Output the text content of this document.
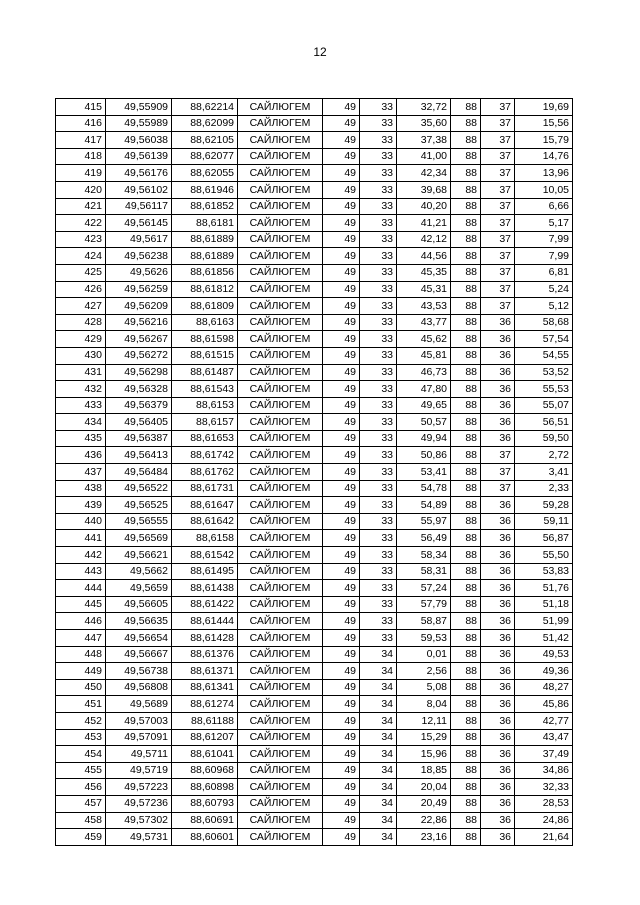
12
415	49,55909	88,62214	САЙЛЮГЕМ	49	33	32,72	88	37	19,69
416	49,55989	88,62099	САЙЛЮГЕМ	49	33	35,60	88	37	15,56
417	49,56038	88,62105	САЙЛЮГЕМ	49	33	37,38	88	37	15,79
418	49,56139	88,62077	САЙЛЮГЕМ	49	33	41,00	88	37	14,76
419	49,56176	88,62055	САЙЛЮГЕМ	49	33	42,34	88	37	13,96
420	49,56102	88,61946	САЙЛЮГЕМ	49	33	39,68	88	37	10,05
421	49,56117	88,61852	САЙЛЮГЕМ	49	33	40,20	88	37	6,66
422	49,56145	88,6181	САЙЛЮГЕМ	49	33	41,21	88	37	5,17
423	49,5617	88,61889	САЙЛЮГЕМ	49	33	42,12	88	37	7,99
424	49,56238	88,61889	САЙЛЮГЕМ	49	33	44,56	88	37	7,99
425	49,5626	88,61856	САЙЛЮГЕМ	49	33	45,35	88	37	6,81
426	49,56259	88,61812	САЙЛЮГЕМ	49	33	45,31	88	37	5,24
427	49,56209	88,61809	САЙЛЮГЕМ	49	33	43,53	88	37	5,12
428	49,56216	88,6163	САЙЛЮГЕМ	49	33	43,77	88	36	58,68
429	49,56267	88,61598	САЙЛЮГЕМ	49	33	45,62	88	36	57,54
430	49,56272	88,61515	САЙЛЮГЕМ	49	33	45,81	88	36	54,55
431	49,56298	88,61487	САЙЛЮГЕМ	49	33	46,73	88	36	53,52
432	49,56328	88,61543	САЙЛЮГЕМ	49	33	47,80	88	36	55,53
433	49,56379	88,6153	САЙЛЮГЕМ	49	33	49,65	88	36	55,07
434	49,56405	88,6157	САЙЛЮГЕМ	49	33	50,57	88	36	56,51
435	49,56387	88,61653	САЙЛЮГЕМ	49	33	49,94	88	36	59,50
436	49,56413	88,61742	САЙЛЮГЕМ	49	33	50,86	88	37	2,72
437	49,56484	88,61762	САЙЛЮГЕМ	49	33	53,41	88	37	3,41
438	49,56522	88,61731	САЙЛЮГЕМ	49	33	54,78	88	37	2,33
439	49,56525	88,61647	САЙЛЮГЕМ	49	33	54,89	88	36	59,28
440	49,56555	88,61642	САЙЛЮГЕМ	49	33	55,97	88	36	59,11
441	49,56569	88,6158	САЙЛЮГЕМ	49	33	56,49	88	36	56,87
442	49,56621	88,61542	САЙЛЮГЕМ	49	33	58,34	88	36	55,50
443	49,5662	88,61495	САЙЛЮГЕМ	49	33	58,31	88	36	53,83
444	49,5659	88,61438	САЙЛЮГЕМ	49	33	57,24	88	36	51,76
445	49,56605	88,61422	САЙЛЮГЕМ	49	33	57,79	88	36	51,18
446	49,56635	88,61444	САЙЛЮГЕМ	49	33	58,87	88	36	51,99
447	49,56654	88,61428	САЙЛЮГЕМ	49	33	59,53	88	36	51,42
448	49,56667	88,61376	САЙЛЮГЕМ	49	34	0,01	88	36	49,53
449	49,56738	88,61371	САЙЛЮГЕМ	49	34	2,56	88	36	49,36
450	49,56808	88,61341	САЙЛЮГЕМ	49	34	5,08	88	36	48,27
451	49,5689	88,61274	САЙЛЮГЕМ	49	34	8,04	88	36	45,86
452	49,57003	88,61188	САЙЛЮГЕМ	49	34	12,11	88	36	42,77
453	49,57091	88,61207	САЙЛЮГЕМ	49	34	15,29	88	36	43,47
454	49,5711	88,61041	САЙЛЮГЕМ	49	34	15,96	88	36	37,49
455	49,5719	88,60968	САЙЛЮГЕМ	49	34	18,85	88	36	34,86
456	49,57223	88,60898	САЙЛЮГЕМ	49	34	20,04	88	36	32,33
457	49,57236	88,60793	САЙЛЮГЕМ	49	34	20,49	88	36	28,53
458	49,57302	88,60691	САЙЛЮГЕМ	49	34	22,86	88	36	24,86
459	49,5731	88,60601	САЙЛЮГЕМ	49	34	23,16	88	36	21,64
